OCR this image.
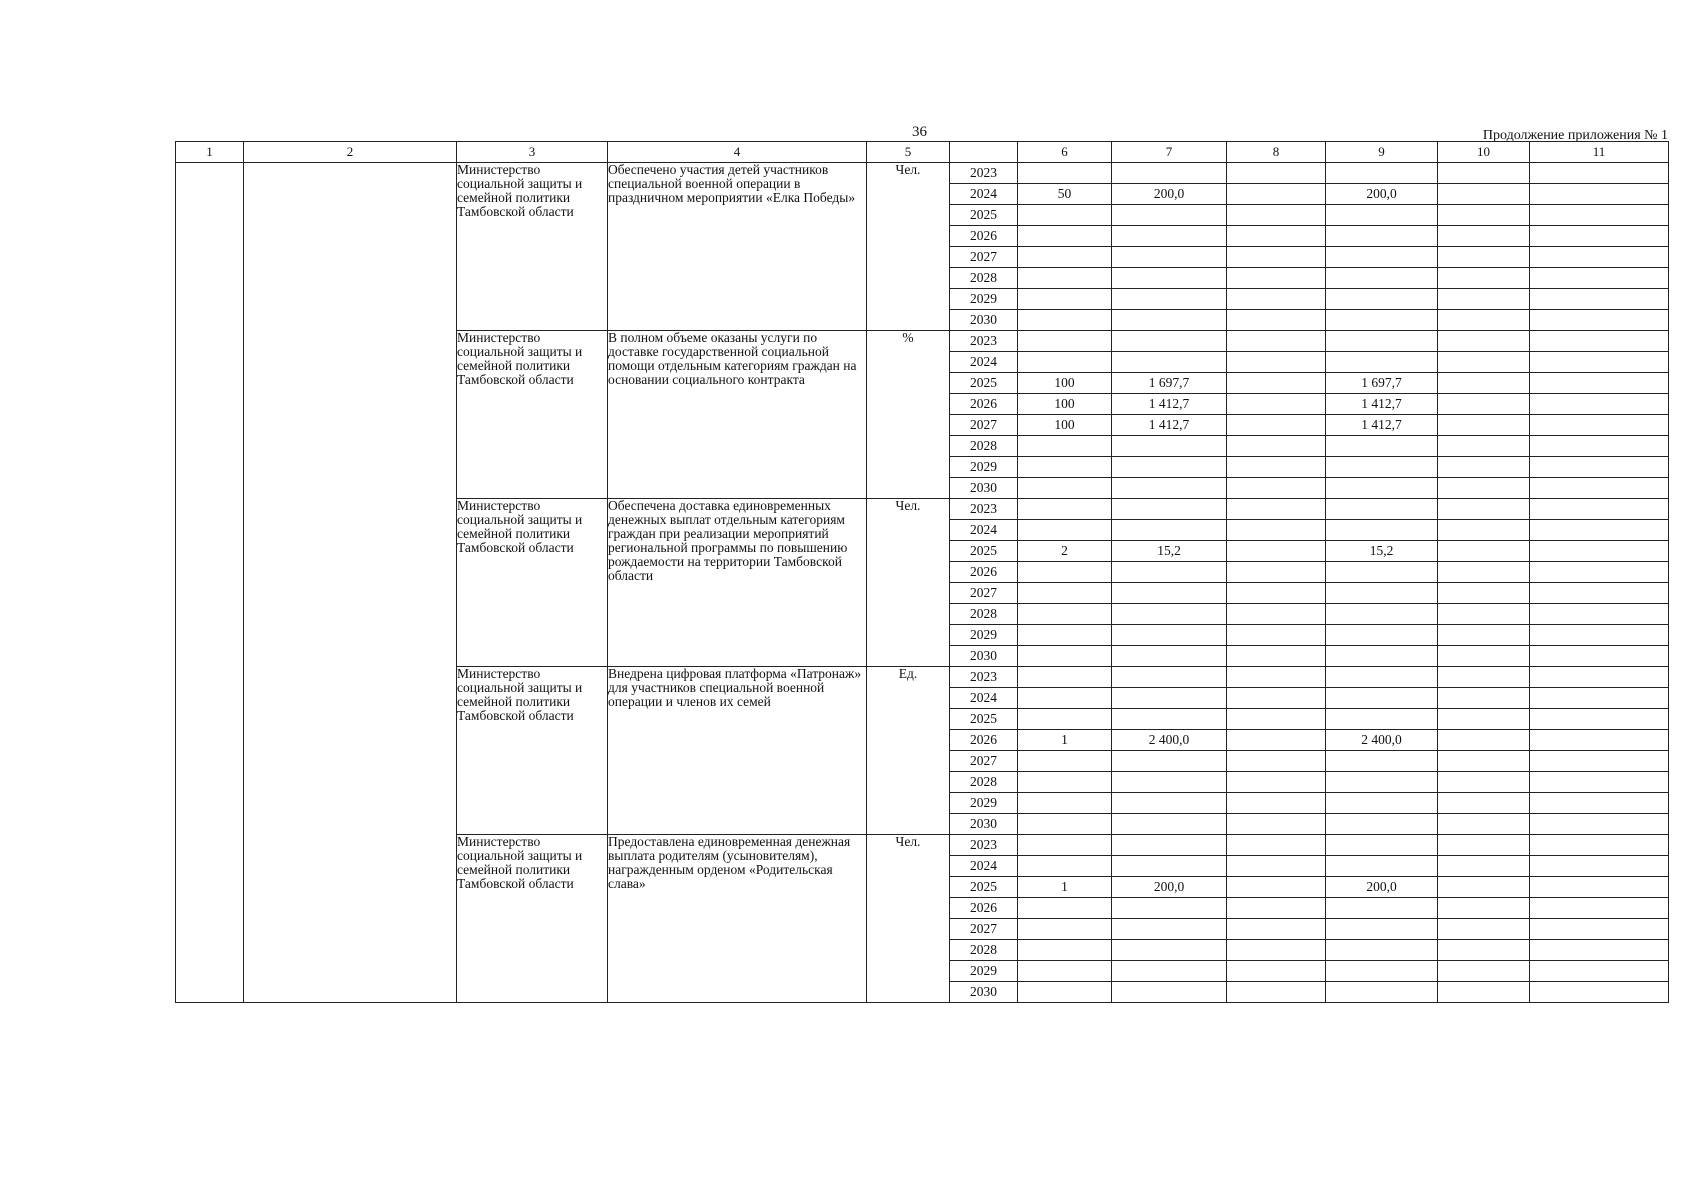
36	Продолжение приложения № 1
1	2	3	4	5		6	7	8	9	10	11
		Министерство социальной защиты и семейной политики Тамбовской области	Обеспечено участия детей участников специальной военной операции в праздничном мероприятии «Елка Победы»	Чел.	2023						
					2024	50	200,0		200,0		
					2025						
					2026						
					2027						
					2028						
					2029						
					2030						
		Министерство социальной защиты и семейной политики Тамбовской области	В полном объеме оказаны услуги по доставке государственной социальной помощи отдельным категориям граждан на основании социального контракта	%	2023						
					2024						
					2025	100	1 697,7		1 697,7		
					2026	100	1 412,7		1 412,7		
					2027	100	1 412,7		1 412,7		
					2028						
					2029						
					2030						
		Министерство социальной защиты и семейной политики Тамбовской области	Обеспечена доставка единовременных денежных выплат отдельным категориям граждан при реализации мероприятий региональной программы по повышению рождаемости на территории Тамбовской области	Чел.	2023						
					2024						
					2025	2	15,2		15,2		
					2026						
					2027						
					2028						
					2029						
					2030						
		Министерство социальной защиты и семейной политики Тамбовской области	Внедрена цифровая платформа «Патронаж» для участников специальной военной операции и членов их семей	Ед.	2023						
					2024						
					2025						
					2026	1	2 400,0		2 400,0		
					2027						
					2028						
					2029						
					2030						
		Министерство социальной защиты и семейной политики Тамбовской области	Предоставлена единовременная денежная выплата родителям (усыновителям), награжденным орденом «Родительская слава»	Чел.	2023						
					2024						
					2025	1	200,0		200,0		
					2026						
					2027						
					2028						
					2029						
					2030						
